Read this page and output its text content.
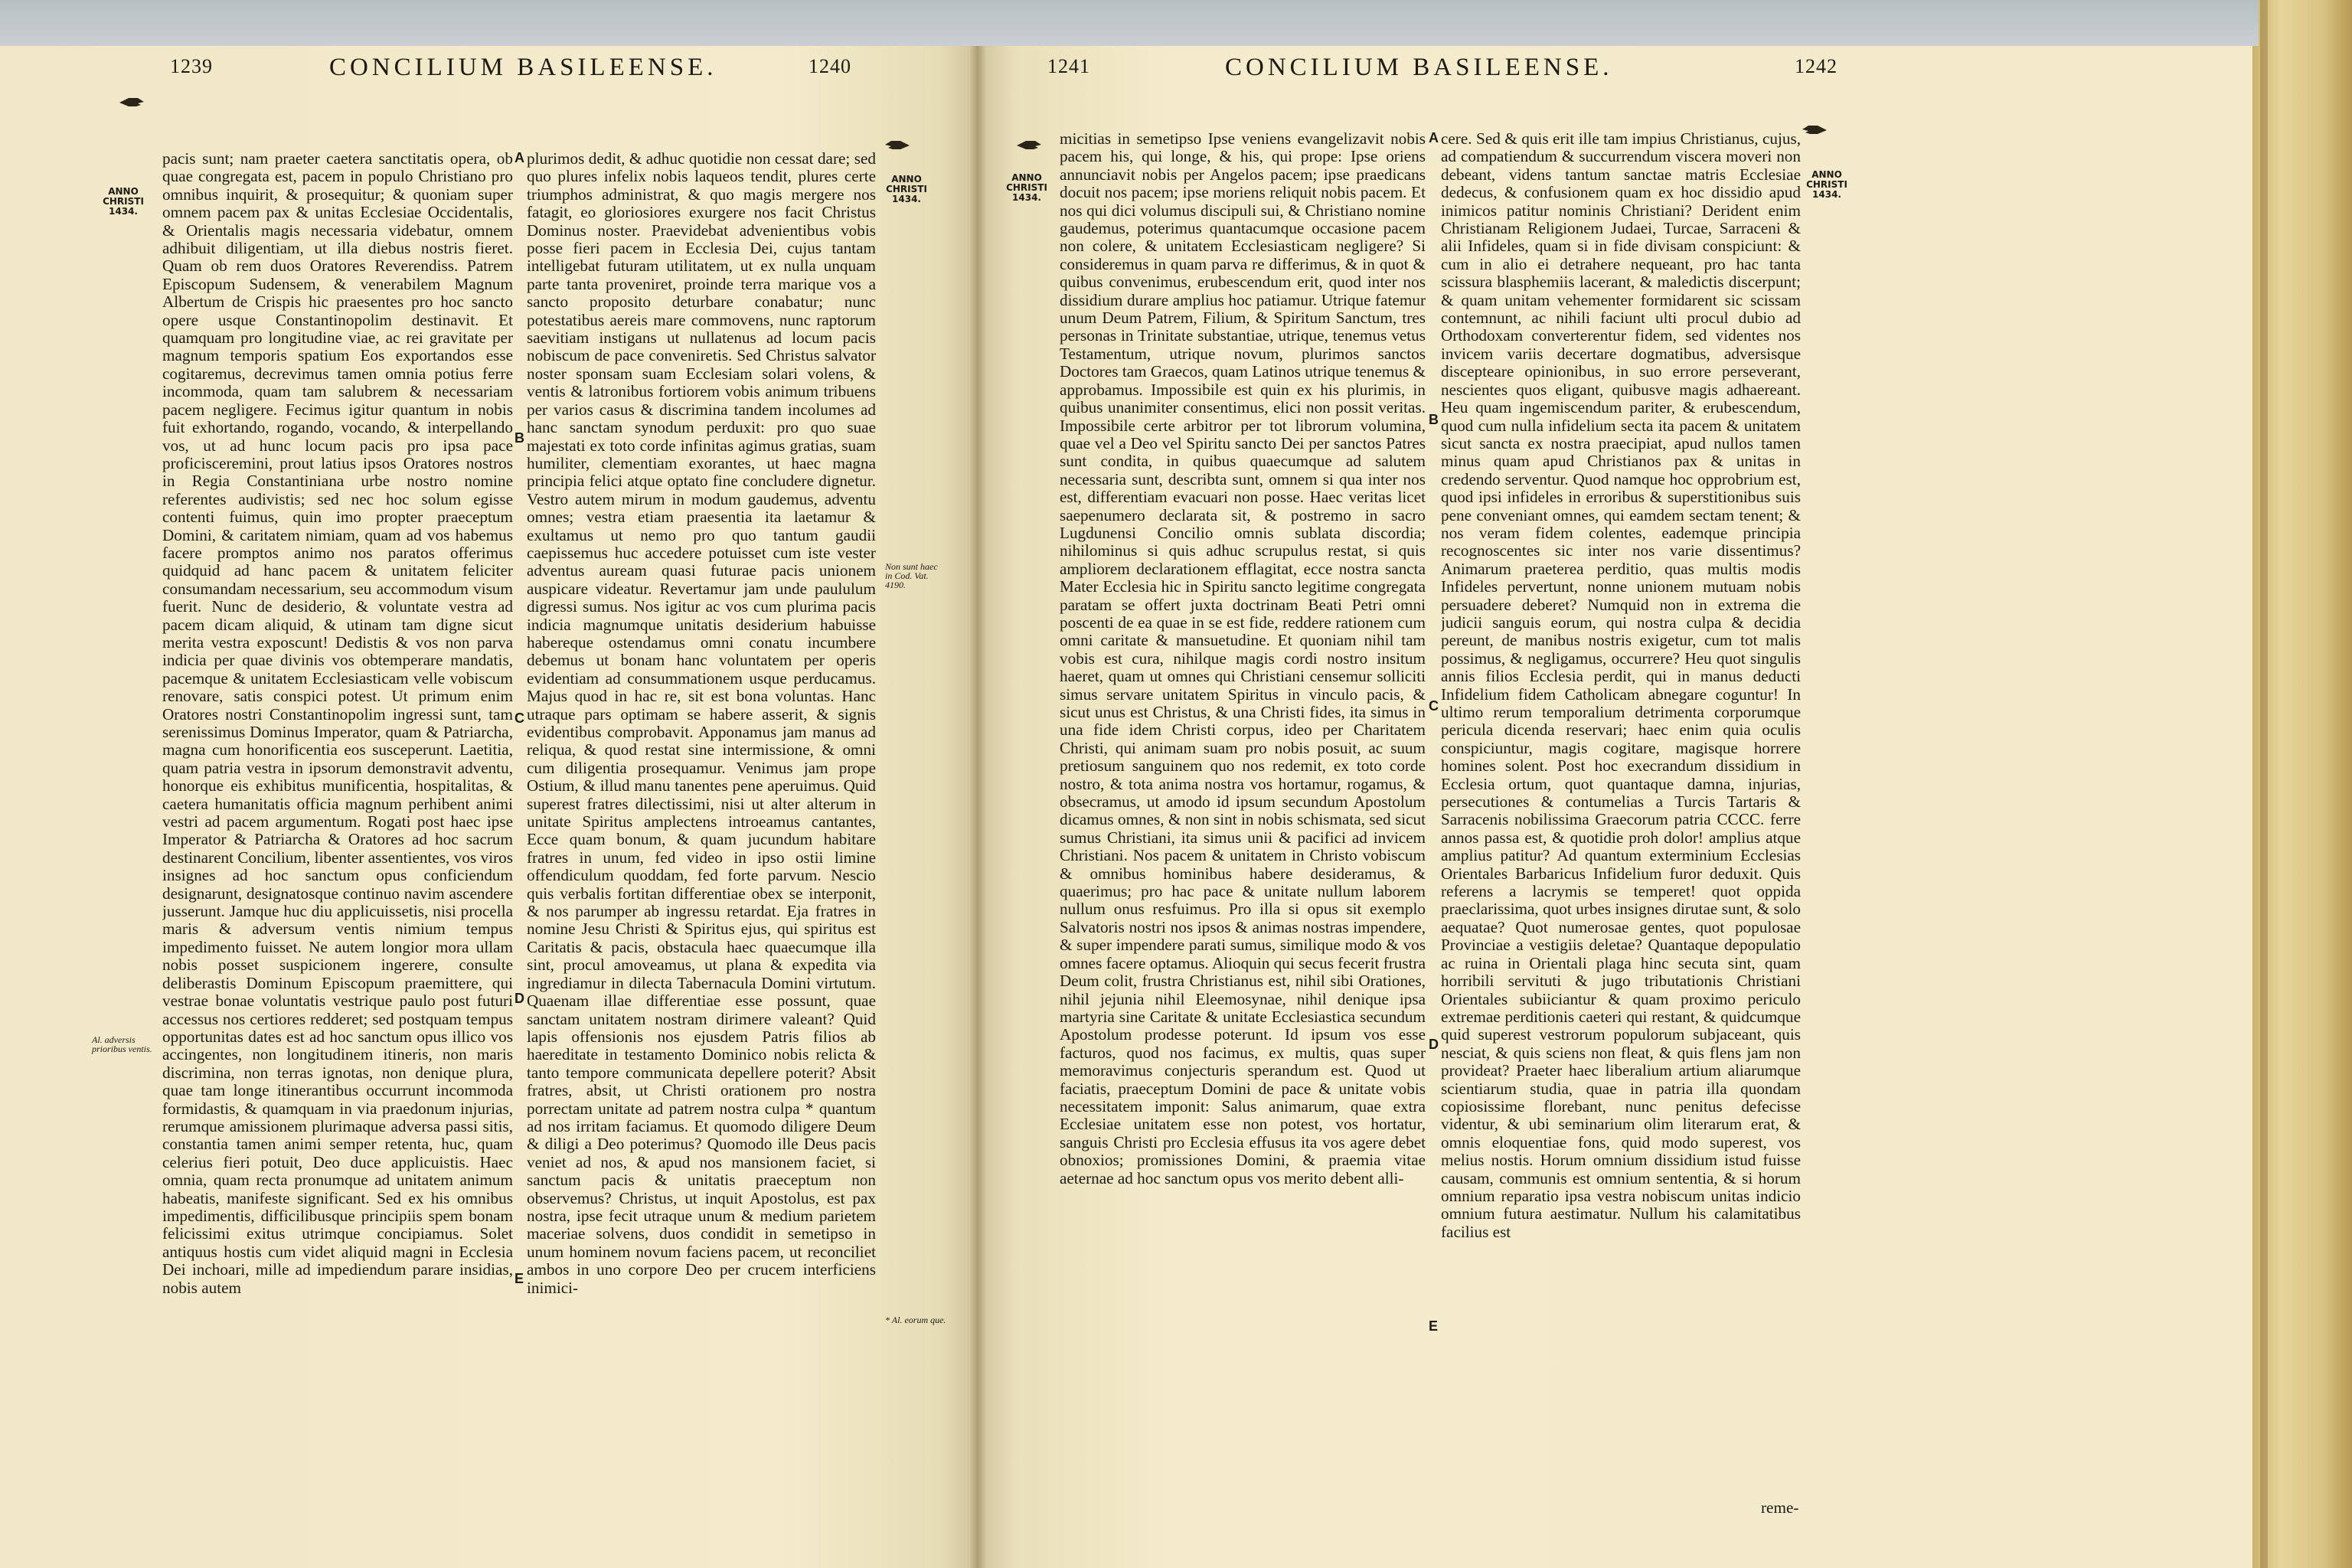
1239	CONCILIUM BASILEENSE.	1240
ANNO
CHRISTI
1434.
ANNO
CHRISTI
1434.

pacis sunt; nam praeter caetera sanctitatis opera, ob quae congregata est, pacem in populo Christiano pro omnibus inquirit, & prosequitur; & quoniam super omnem pacem pax & unitas Ecclesiae Occidentalis, & Orientalis magis necessaria videbatur, omnem adhibuit diligentiam, ut illa diebus nostris fieret. Quam ob rem duos Oratores Reverendiss. Patrem Episcopum Sudensem, & venerabilem Magnum Albertum de Crispis hic praesentes pro hoc sancto opere usque Constantinopolim destinavit. Et quamquam pro longitudine viae, ac rei gravitate per magnum temporis spatium Eos exportandos esse cogitaremus, decrevimus tamen omnia potius ferre incommoda, quam tam salubrem & necessariam pacem negligere. Fecimus igitur quantum in nobis fuit exhortando, rogando, vocando, & interpellando vos, ut ad hunc locum pacis pro ipsa pace proficisceremini, prout latius ipsos Oratores nostros in Regia Constantiniana urbe nostro nomine referentes audivistis; sed nec hoc solum egisse contenti fuimus, quin imo propter praeceptum Domini, & caritatem nimiam, quam ad vos habemus facere promptos animo nos paratos offerimus quidquid ad hanc pacem & unitatem feliciter consumandam necessarium, seu accommodum visum fuerit. Nunc de desiderio, & voluntate vestra ad pacem dicam aliquid, & utinam tam digne sicut merita vestra exposcunt! Dedistis & vos non parva indicia per quae divinis vos obtemperare mandatis, pacemque & unitatem Ecclesiasticam velle vobiscum renovare, satis conspici potest. Ut primum enim Oratores nostri Constantinopolim ingressi sunt, tam serenissimus Dominus Imperator, quam & Patriarcha, magna cum honorificentia eos susceperunt. Laetitia, quam patria vestra in ipsorum demonstravit adventu, honorque eis exhibitus munificentia, hospitalitas, & caetera humanitatis officia magnum perhibent animi vestri ad pacem argumentum. Rogati post haec ipse Imperator & Patriarcha & Oratores ad hoc sacrum destinarent Concilium, libenter assentientes, vos viros insignes ad hoc sanctum opus conficiendum designarunt, designatosque continuo navim ascendere jusserunt. Jamque huc diu applicuissetis, nisi procella maris & adversum ventis nimium tempus impedimento fuisset. Ne autem longior mora ullam nobis posset suspicionem ingerere, consulte deliberastis Dominum Episcopum praemittere, qui vestrae bonae voluntatis vestrique paulo post futuri accessus nos certiores redderet; sed postquam tempus opportunitas dates est ad hoc sanctum opus illico vos accingentes, non longitudinem itineris, non maris discrimina, non terras ignotas, non denique plura, quae tam longe itinerantibus occurrunt incommoda formidastis, & quamquam in via praedonum injurias, rerumque amissionem plurimaque adversa passi sitis, constantia tamen animi semper retenta, huc, quam celerius fieri potuit, Deo duce applicuistis. Haec omnia, quam recta pronumque ad unitatem animum habeatis, manifeste significant. Sed ex his omnibus impedimentis, difficilibusque principiis spem bonam felicissimi exitus utrimque concipiamus. Solet antiquus hostis cum videt aliquid magni in Ecclesia Dei inchoari, mille ad impediendum parare insidias, nobis autem

plurimos dedit, & adhuc quotidie non cessat dare; sed quo plures infelix nobis laqueos tendit, plures certe triumphos administrat, & quo magis mergere nos fatagit, eo gloriosiores exurgere nos facit Christus Dominus noster. Praevidebat advenientibus vobis posse fieri pacem in Ecclesia Dei, cujus tantam intelligebat futuram utilitatem, ut ex nulla unquam parte tanta proveniret, proinde terra marique vos a sancto proposito deturbare conabatur; nunc potestatibus aereis mare commovens, nunc raptorum saevitiam instigans ut nullatenus ad locum pacis nobiscum de pace conveniretis. Sed Christus salvator noster sponsam suam Ecclesiam solari volens, & ventis & latronibus fortiorem vobis animum tribuens per varios casus & discrimina tandem incolumes ad hanc sanctam synodum perduxit: pro quo suae majestati ex toto corde infinitas agimus gratias, suam humiliter, clementiam exorantes, ut haec magna principia felici atque optato fine concludere dignetur. Vestro autem mirum in modum gaudemus, adventu omnes; vestra etiam praesentia ita laetamur & exultamus ut nemo pro quo tantum gaudii caepissemus huc accedere potuisset cum iste vester adventus auream quasi futurae pacis unionem auspicare videatur. Revertamur jam unde paululum digressi sumus. Nos igitur ac vos cum plurima pacis indicia magnumque unitatis desiderium habuisse habereque ostendamus omni conatu incumbere debemus ut bonam hanc voluntatem per operis evidentiam ad consummationem usque perducamus. Majus quod in hac re, sit est bona voluntas. Hanc utraque pars optimam se habere asserit, & signis evidentibus comprobavit. Apponamus jam manus ad reliqua, & quod restat sine intermissione, & omni cum diligentia prosequamur. Venimus jam prope Ostium, & illud manu tanentes pene aperuimus. Quid superest fratres dilectissimi, nisi ut alter alterum in unitate Spiritus amplectens introeamus cantantes, Ecce quam bonum, & quam jucundum habitare fratres in unum, fed video in ipso ostii limine offendiculum quoddam, fed forte parvum. Nescio quis verbalis fortitan differentiae obex se interponit, & nos parumper ab ingressu retardat. Eja fratres in nomine Jesu Christi & Spiritus ejus, qui spiritus est Caritatis & pacis, obstacula haec quaecumque illa sint, procul amoveamus, ut plana & expedita via ingrediamur in dilecta Tabernacula Domini virtutum. Quaenam illae differentiae esse possunt, quae sanctam unitatem nostram dirimere valeant? Quid lapis offensionis nos ejusdem Patris filios ab haereditate in testamento Dominico nobis relicta & tanto tempore communicata depellere poterit? Absit fratres, absit, ut Christi orationem pro nostra porrectam unitate ad patrem nostra culpa * quantum ad nos irritam faciamus. Et quomodo diligere Deum & diligi a Deo poterimus? Quomodo ille Deus pacis veniet ad nos, & apud nos mansionem faciet, si sanctum pacis & unitatis praeceptum non observemus? Christus, ut inquit Apostolus, est pax nostra, ipse fecit utraque unum & medium parietem maceriae solvens, duos condidit in semetipso in unum hominem novum faciens pacem, ut reconciliet ambos in uno corpore Deo per crucem interficiens inimici-

A
B
C
D
E
Al. adversis prioribus ventis.
Non sunt haec in Cod. Vat. 4190.
* Al. eorum que.
1241	CONCILIUM BASILEENSE.	1242
ANNO
CHRISTI
1434.
ANNO
CHRISTI
1434.

micitias in semetipso Ipse veniens evangelizavit nobis pacem his, qui longe, & his, qui prope: Ipse oriens annunciavit nobis per Angelos pacem; ipse praedicans docuit nos pacem; ipse moriens reliquit nobis pacem. Et nos qui dici volumus discipuli sui, & Christiano nomine gaudemus, poterimus quantacumque occasione pacem non colere, & unitatem Ecclesiasticam negligere? Si consideremus in quam parva re differimus, & in quot & quibus convenimus, erubescendum erit, quod inter nos dissidium durare amplius hoc patiamur. Utrique fatemur unum Deum Patrem, Filium, & Spiritum Sanctum, tres personas in Trinitate substantiae, utrique, tenemus vetus Testamentum, utrique novum, plurimos sanctos Doctores tam Graecos, quam Latinos utrique tenemus & approbamus. Impossibile est quin ex his plurimis, in quibus unanimiter consentimus, elici non possit veritas. Impossibile certe arbitror per tot librorum volumina, quae vel a Deo vel Spiritu sancto Dei per sanctos Patres sunt condita, in quibus quaecumque ad salutem necessaria sunt, describta sunt, omnem si qua inter nos est, differentiam evacuari non posse. Haec veritas licet saepenumero declarata sit, & postremo in sacro Lugdunensi Concilio omnis sublata discordia; nihilominus si quis adhuc scrupulus restat, si quis ampliorem declarationem efflagitat, ecce nostra sancta Mater Ecclesia hic in Spiritu sancto legitime congregata paratam se offert juxta doctrinam Beati Petri omni poscenti de ea quae in se est fide, reddere rationem cum omni caritate & mansuetudine. Et quoniam nihil tam vobis est cura, nihilque magis cordi nostro insitum haeret, quam ut omnes qui Christiani censemur solliciti simus servare unitatem Spiritus in vinculo pacis, & sicut unus est Christus, & una Christi fides, ita simus in una fide idem Christi corpus, ideo per Charitatem Christi, qui animam suam pro nobis posuit, ac suum pretiosum sanguinem quo nos redemit, ex toto corde nostro, & tota anima nostra vos hortamur, rogamus, & obsecramus, ut amodo id ipsum secundum Apostolum dicamus omnes, & non sint in nobis schismata, sed sicut sumus Christiani, ita simus unii & pacifici ad invicem Christiani. Nos pacem & unitatem in Christo vobiscum & omnibus hominibus habere desideramus, & quaerimus; pro hac pace & unitate nullum laborem nullum onus resfuimus. Pro illa si opus sit exemplo Salvatoris nostri nos ipsos & animas nostras impendere, & super impendere parati sumus, similique modo & vos omnes facere optamus. Alioquin qui secus fecerit frustra Deum colit, frustra Christianus est, nihil sibi Orationes, nihil jejunia nihil Eleemosynae, nihil denique ipsa martyria sine Caritate & unitate Ecclesiastica secundum Apostolum prodesse poterunt. Id ipsum vos esse facturos, quod nos facimus, ex multis, quas super memoravimus conjecturis sperandum est. Quod ut faciatis, praeceptum Domini de pace & unitate vobis necessitatem imponit: Salus animarum, quae extra Ecclesiae unitatem esse non potest, vos hortatur, sanguis Christi pro Ecclesia effusus ita vos agere debet obnoxios; promissiones Domini, & praemia vitae aeternae ad hoc sanctum opus vos merito debent alli-

cere. Sed & quis erit ille tam impius Christianus, cujus, ad compatiendum & succurrendum viscera moveri non debeant, videns tantum sanctae matris Ecclesiae dedecus, & confusionem quam ex hoc dissidio apud inimicos patitur nominis Christiani? Derident enim Christianam Religionem Judaei, Turcae, Sarraceni & alii Infideles, quam si in fide divisam conspiciunt: & cum in alio ei detrahere nequeant, pro hac tanta scissura blasphemiis lacerant, & maledictis discerpunt; & quam unitam vehementer formidarent sic scissam contemnunt, ac nihili faciunt ulti procul dubio ad Orthodoxam converterentur fidem, sed videntes nos invicem variis decertare dogmatibus, adversisque discepteare opinionibus, in suo errore perseverant, nescientes quos eligant, quibusve magis adhaereant. Heu quam ingemiscendum pariter, & erubescendum, quod cum nulla infidelium secta ita pacem & unitatem sicut sancta ex nostra praecipiat, apud nullos tamen minus quam apud Christianos pax & unitas in credendo serventur. Quod namque hoc opprobrium est, quod ipsi infideles in erroribus & superstitionibus suis pene conveniant omnes, qui eamdem sectam tenent; & nos veram fidem colentes, eademque principia recognoscentes sic inter nos varie dissentimus? Animarum praeterea perditio, quas multis modis Infideles pervertunt, nonne unionem mutuam nobis persuadere deberet? Numquid non in extrema die judicii sanguis eorum, qui nostra culpa & decidia pereunt, de manibus nostris exigetur, cum tot malis possimus, & negligamus, occurrere? Heu quot singulis annis filios Ecclesia perdit, qui in manus deducti Infidelium fidem Catholicam abnegare coguntur! In ultimo rerum temporalium detrimenta corporumque pericula dicenda reservari; haec enim quia oculis conspiciuntur, magis cogitare, magisque horrere homines solent. Post hoc execrandum dissidium in Ecclesia ortum, quot quantaque damna, injurias, persecutiones & contumelias a Turcis Tartaris & Sarracenis nobilissima Graecorum patria CCCC. ferre annos passa est, & quotidie proh dolor! amplius atque amplius patitur? Ad quantum exterminium Ecclesias Orientales Barbaricus Infidelium furor deduxit. Quis referens a lacrymis se temperet! quot oppida praeclarissima, quot urbes insignes dirutae sunt, & solo aequatae? Quot numerosae gentes, quot populosae Provinciae a vestigiis deletae? Quantaque depopulatio ac ruina in Orientali plaga hinc secuta sint, quam horribili servituti & jugo tributationis Christiani Orientales subiiciantur & quam proximo periculo extremae perditionis caeteri qui restant, & quidcumque quid superest vestrorum populorum subjaceant, quis nesciat, & quis sciens non fleat, & quis flens jam non provideat? Praeter haec liberalium artium aliarumque scientiarum studia, quae in patria illa quondam copiosissime florebant, nunc penitus defecisse videntur, & ubi seminarium olim literarum erat, & omnis eloquentiae fons, quid modo superest, vos melius nostis. Horum omnium dissidium istud fuisse causam, communis est omnium sententia, & si horum omnium reparatio ipsa vestra nobiscum unitas indicio omnium futura aestimatur. Nullum his calamitatibus facilius est

A
B
C
D
E
reme-
